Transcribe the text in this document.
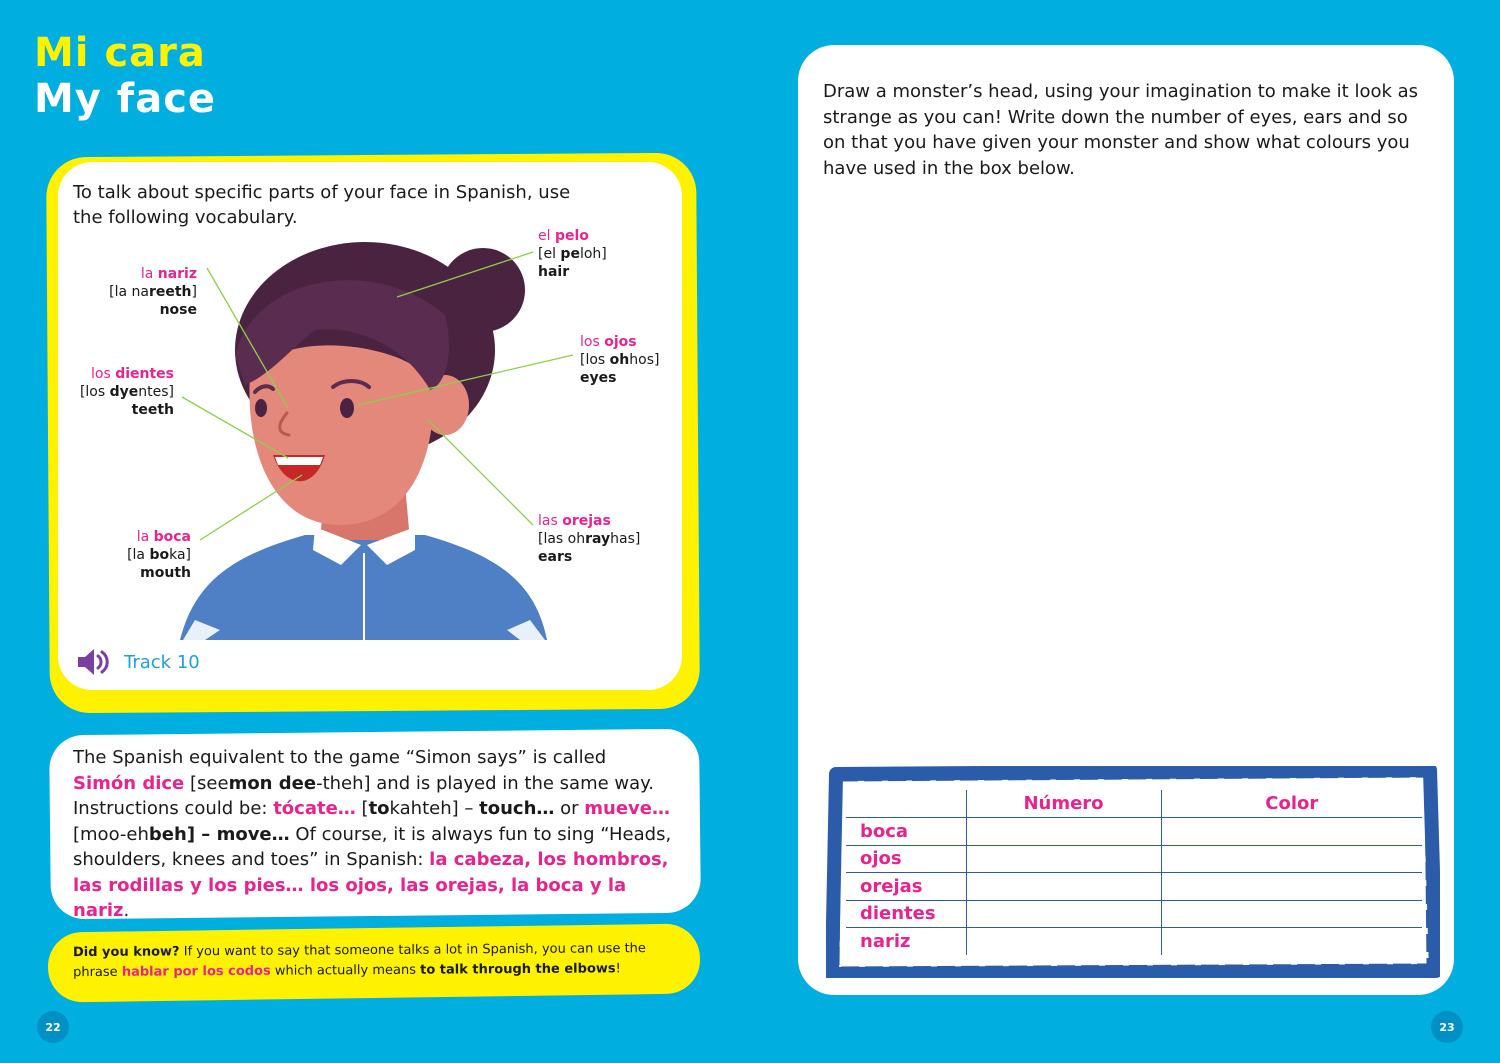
Mi cara
My face
To talk about specific parts of your face in Spanish, use the following vocabulary.
el pelo
[el peloh]
hair
la nariz
[la nareeth]
nose
los ojos
[los ohhos]
eyes
los dientes
[los dyentes]
teeth
las orejas
[las ohrayhas]
ears
la boca
[la boka]
mouth
Track 10
The Spanish equivalent to the game “Simon says” is called Simón dice [seemon dee-theh] and is played in the same way. Instructions could be: tócate… [tokahteh] – touch… or mueve… [moo-ehbeh] – move… Of course, it is always fun to sing “Heads, shoulders, knees and toes” in Spanish: la cabeza, los hombros, las rodillas y los pies… los ojos, las orejas, la boca y la nariz.
Did you know? If you want to say that someone talks a lot in Spanish, you can use the phrase hablar por los codos which actually means to talk through the elbows!
22
Draw a monster’s head, using your imagination to make it look as strange as you can! Write down the number of eyes, ears and so on that you have given your monster and show what colours you have used in the box below.
	Número	Color
boca		
ojos		
orejas		
dientes		
nariz		
23
